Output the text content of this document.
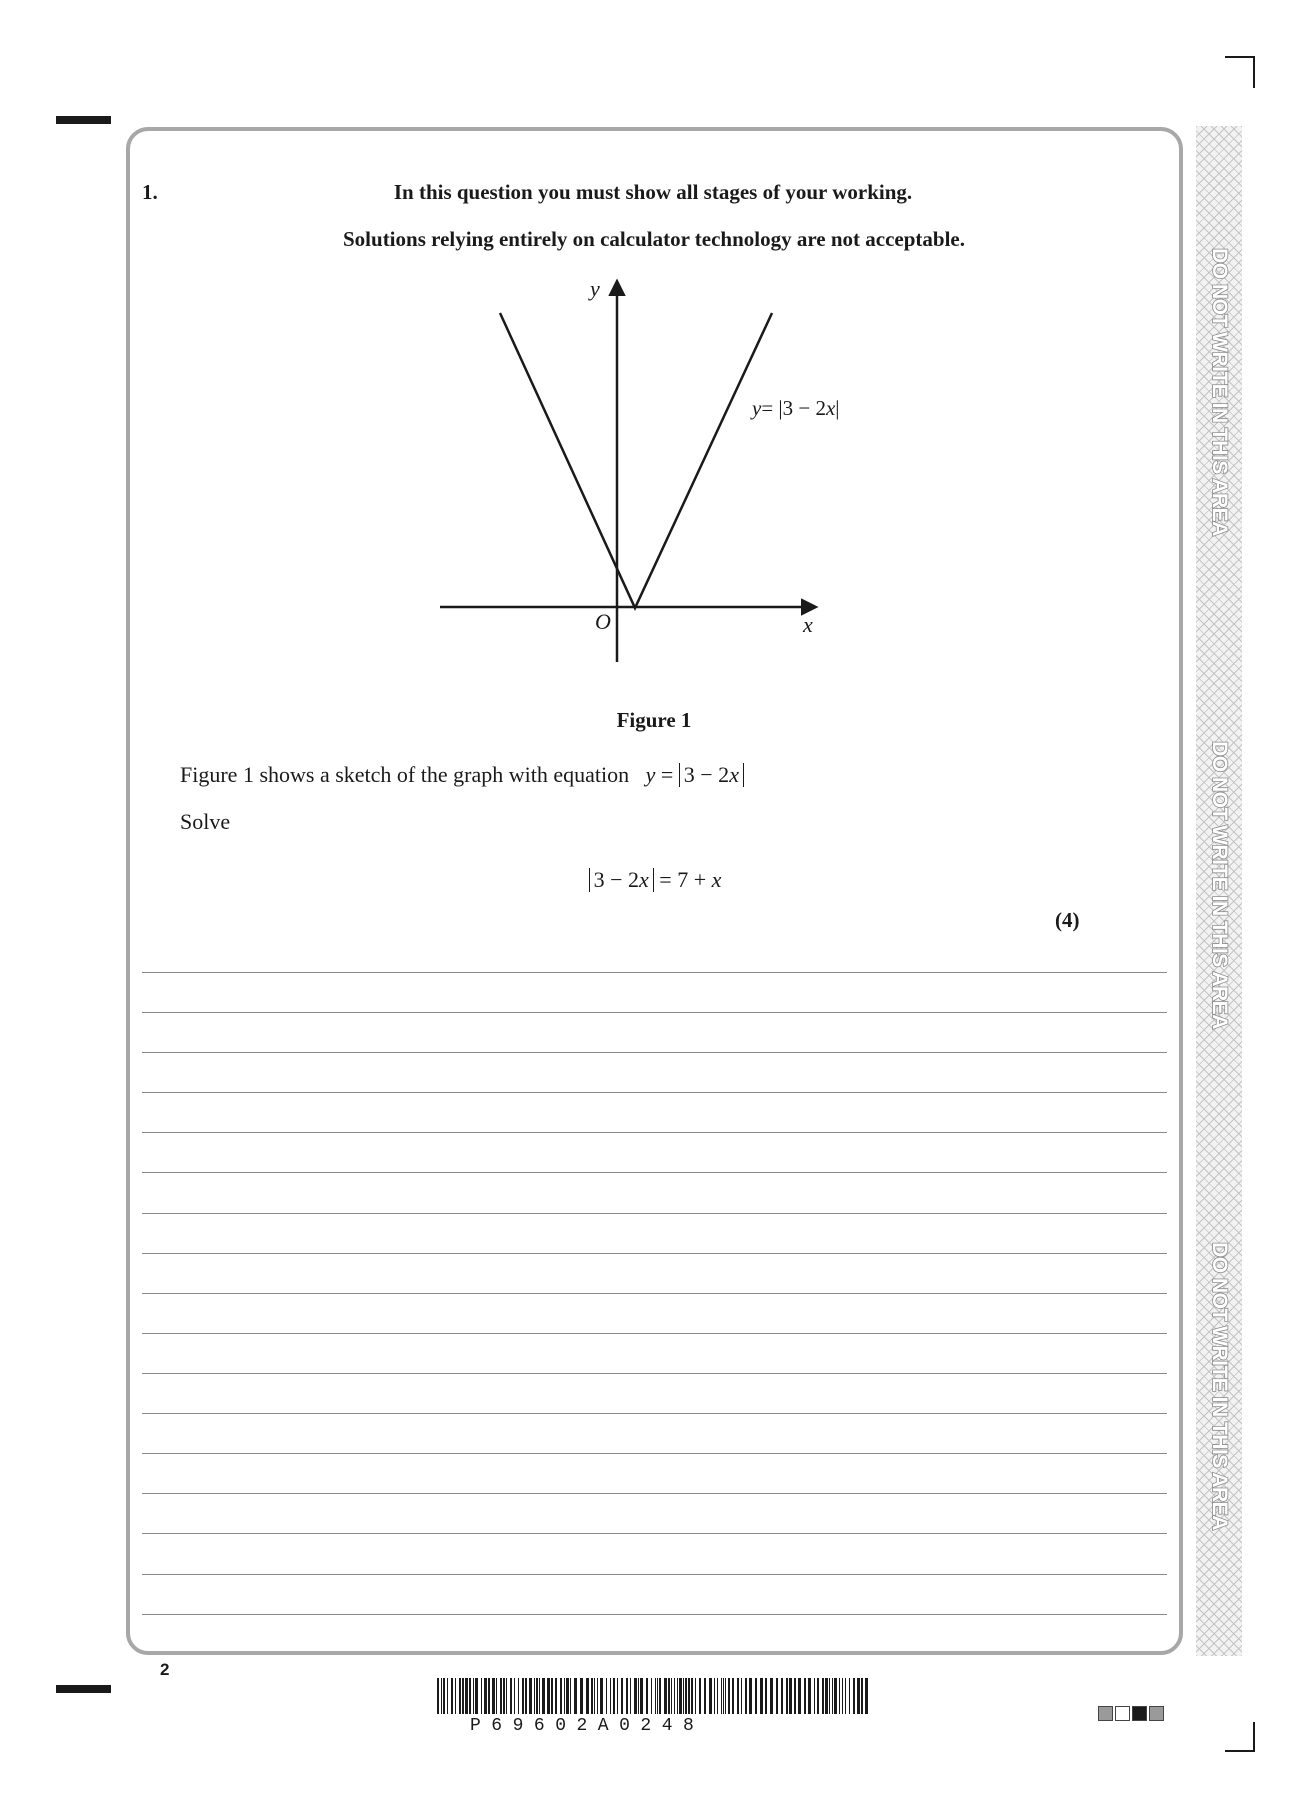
DO NOT WRITE IN THIS AREA
DO NOT WRITE IN THIS AREA
DO NOT WRITE IN THIS AREA
1.	In this question you must show all stages of your working.
Solutions relying entirely on calculator technology are not acceptable.
y
x
O
y= |3 − 2x|
Figure 1
Figure 1 shows a sketch of the graph with equation y = 3 − 2x
Solve
3 − 2x = 7 + x
(4)
2
P69602A0248
